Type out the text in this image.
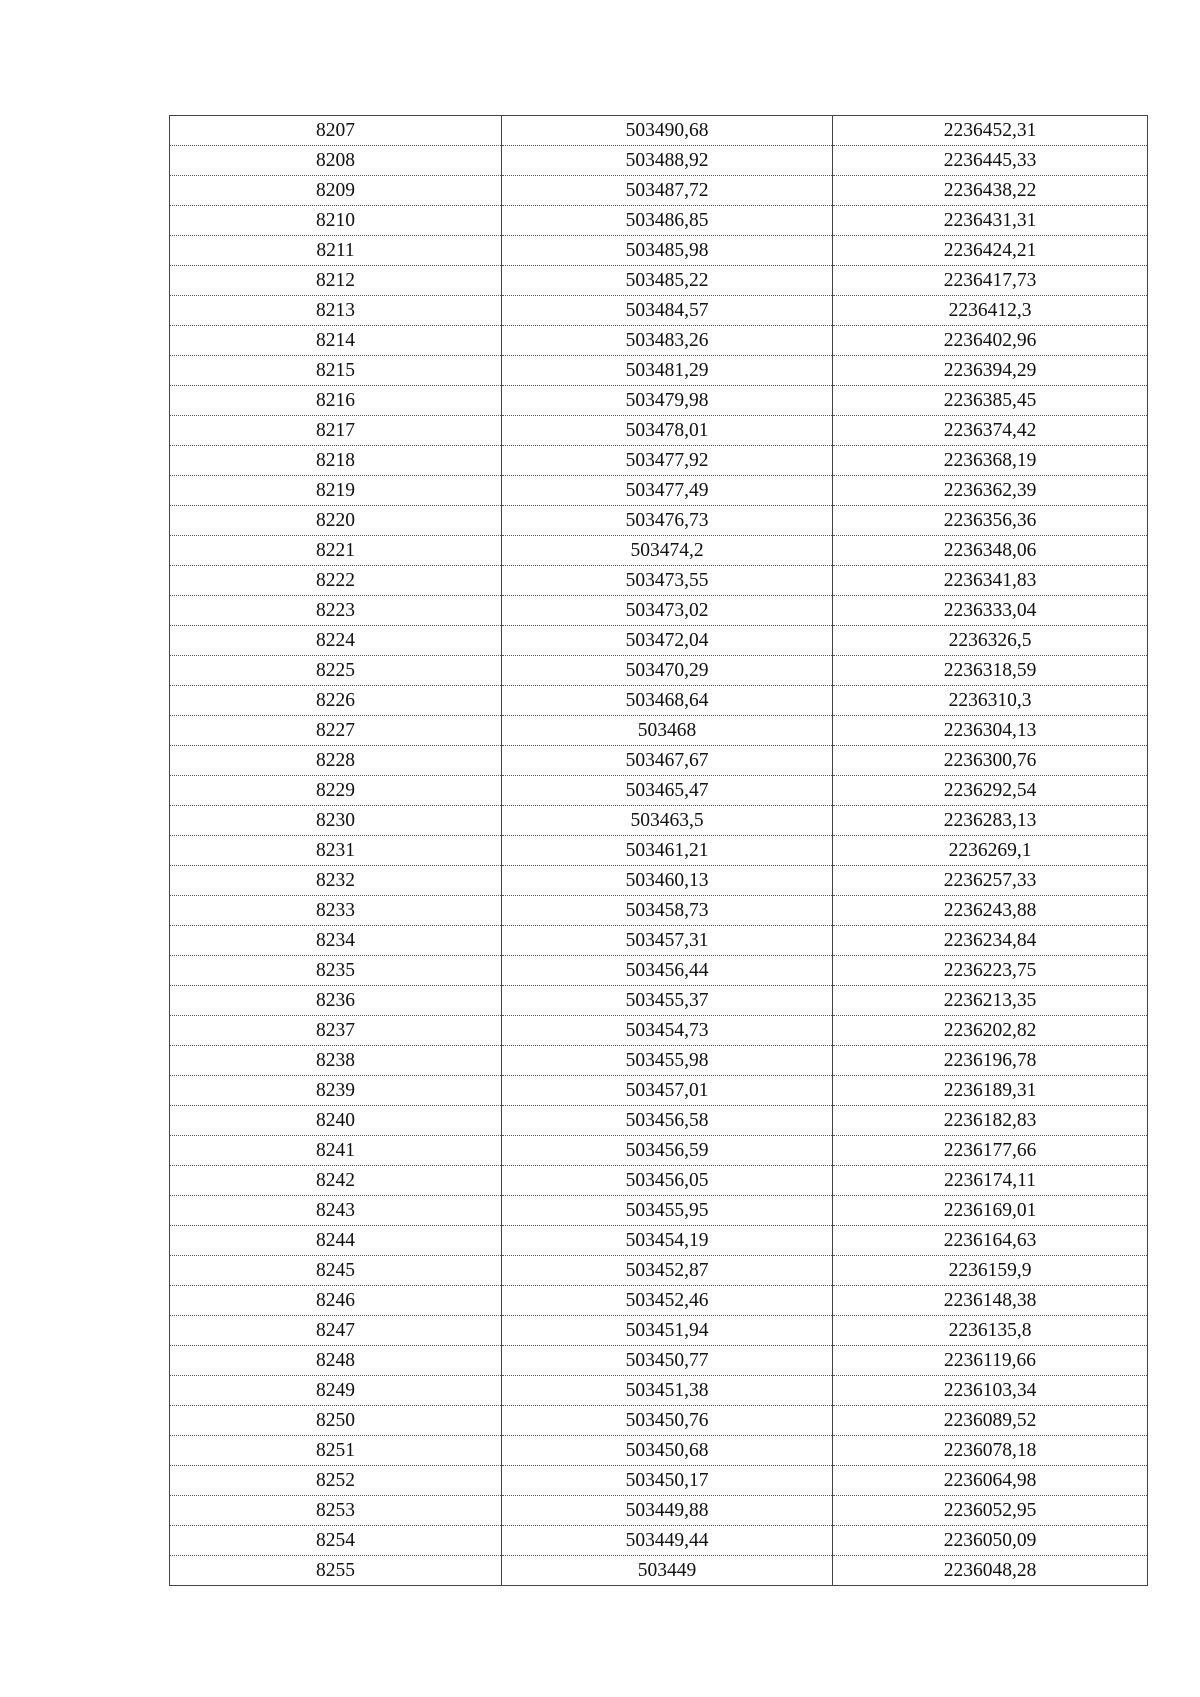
8207	503490,68	2236452,31
8208	503488,92	2236445,33
8209	503487,72	2236438,22
8210	503486,85	2236431,31
8211	503485,98	2236424,21
8212	503485,22	2236417,73
8213	503484,57	2236412,3
8214	503483,26	2236402,96
8215	503481,29	2236394,29
8216	503479,98	2236385,45
8217	503478,01	2236374,42
8218	503477,92	2236368,19
8219	503477,49	2236362,39
8220	503476,73	2236356,36
8221	503474,2	2236348,06
8222	503473,55	2236341,83
8223	503473,02	2236333,04
8224	503472,04	2236326,5
8225	503470,29	2236318,59
8226	503468,64	2236310,3
8227	503468	2236304,13
8228	503467,67	2236300,76
8229	503465,47	2236292,54
8230	503463,5	2236283,13
8231	503461,21	2236269,1
8232	503460,13	2236257,33
8233	503458,73	2236243,88
8234	503457,31	2236234,84
8235	503456,44	2236223,75
8236	503455,37	2236213,35
8237	503454,73	2236202,82
8238	503455,98	2236196,78
8239	503457,01	2236189,31
8240	503456,58	2236182,83
8241	503456,59	2236177,66
8242	503456,05	2236174,11
8243	503455,95	2236169,01
8244	503454,19	2236164,63
8245	503452,87	2236159,9
8246	503452,46	2236148,38
8247	503451,94	2236135,8
8248	503450,77	2236119,66
8249	503451,38	2236103,34
8250	503450,76	2236089,52
8251	503450,68	2236078,18
8252	503450,17	2236064,98
8253	503449,88	2236052,95
8254	503449,44	2236050,09
8255	503449	2236048,28
